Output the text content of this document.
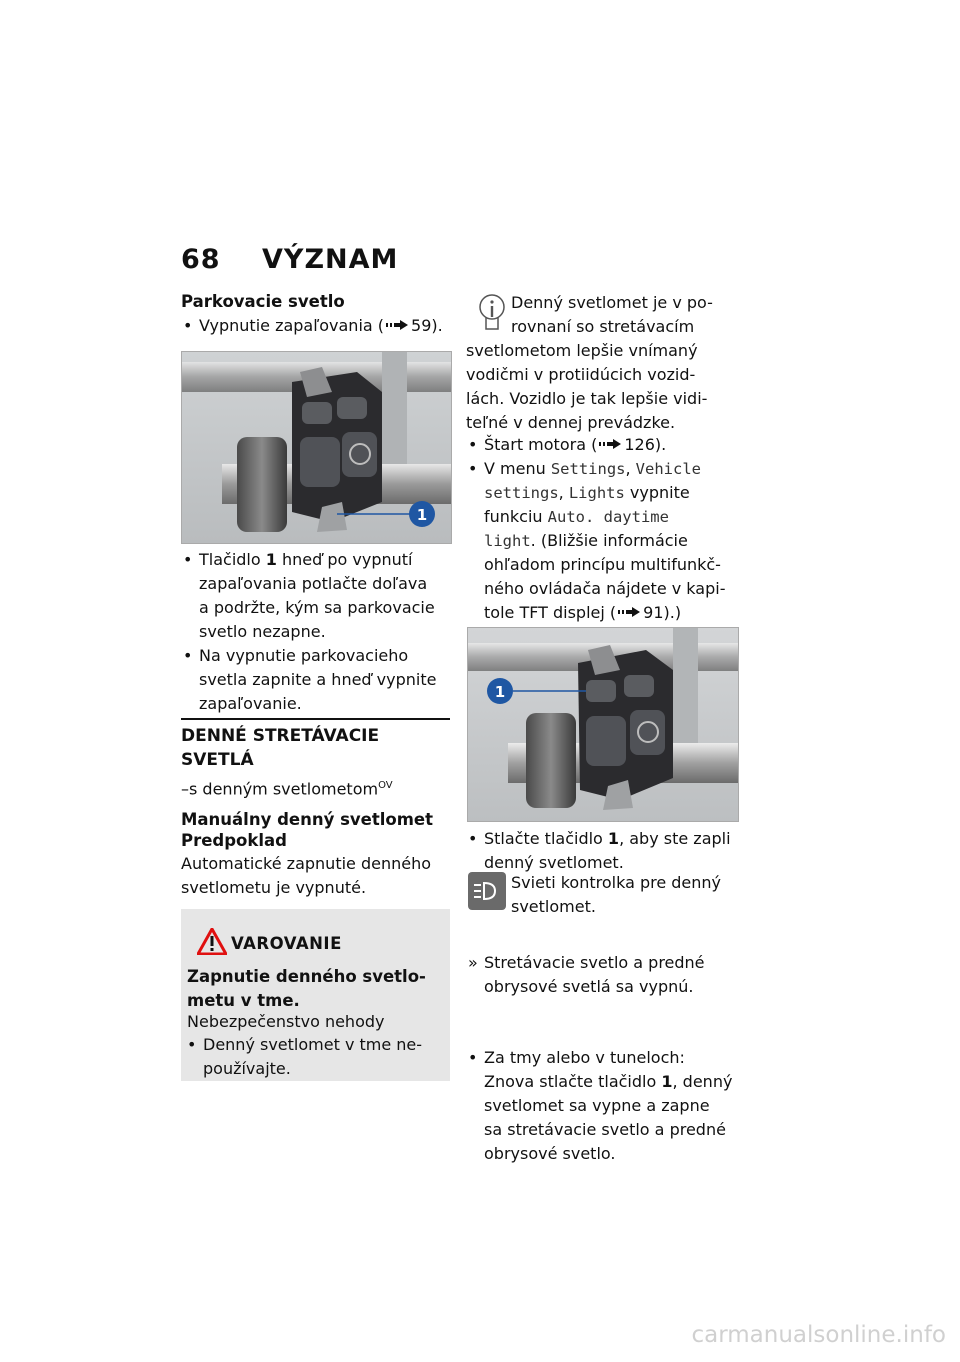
68 VÝZNAM
Parkovacie svetlo
• Vypnutie zapaľovania ( 59).
1
• Tlačidlo 1 hneď po vypnutí
zapaľovania potlačte doľava
a podržte, kým sa parkovacie
svetlo nezapne.
• Na vypnutie parkovacieho
svetla zapnite a hneď vypnite
zapaľovanie.
DENNÉ STRETÁVACIE
SVETLÁ
–s denným svetlometom$^{OV}$
Manuálny denný svetlomet
Predpoklad
Automatické zapnutie denného
svetlometu je vypnuté.
VAROVANIE
Zapnutie denného svetlo-
metu v tme.
Nebezpečenstvo nehody
• Denný svetlomet v tme ne-
používajte.
Denný svetlomet je v po-
rovnaní so stretávacím
svetlometom lepšie vnímaný
vodičmi v protiidúcich vozid-
lách. Vozidlo je tak lepšie vidi-
teľné v dennej prevádzke.
• Štart motora ( 126).
• V menu Settings, Vehicle
settings, Lights vypnite
funkciu Auto. daytime
light. (Bližšie informácie
ohľadom princípu multifunkč-
ného ovládača nájdete v kapi-
tole TFT displej ( 91).)
1
• Stlačte tlačidlo 1, aby ste zapli
denný svetlomet.
Svieti kontrolka pre denný
svetlomet.
» Stretávacie svetlo a predné
obrysové svetlá sa vypnú.
• Za tmy alebo v tuneloch:
Znova stlačte tlačidlo 1, denný
svetlomet sa vypne a zapne
sa stretávacie svetlo a predné
obrysové svetlo.
carmanualsonline.info
